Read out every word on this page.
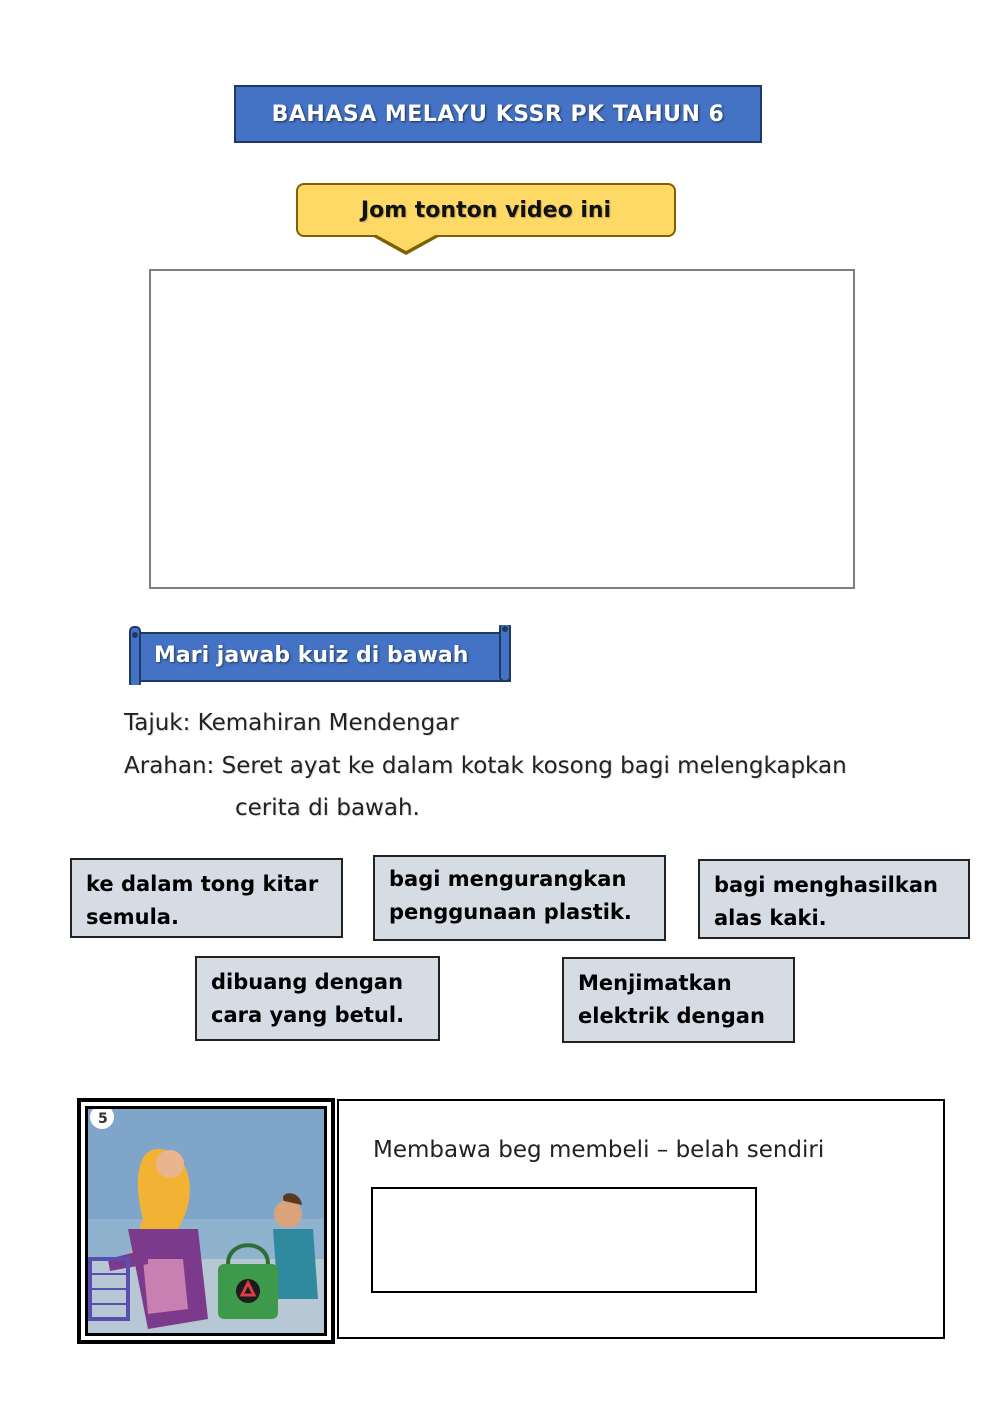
BAHASA MELAYU KSSR PK TAHUN 6
Jom tonton video ini
Mari jawab kuiz di bawah
Tajuk: Kemahiran Mendengar
Arahan: Seret ayat ke dalam kotak kosong bagi melengkapkan
cerita di bawah.
ke dalam tong kitar
semula.
bagi mengurangkan
penggunaan plastik.
bagi menghasilkan
alas kaki.
dibuang dengan
cara yang betul.
Menjimatkan
elektrik dengan
5
Membawa beg membeli – belah sendiri
